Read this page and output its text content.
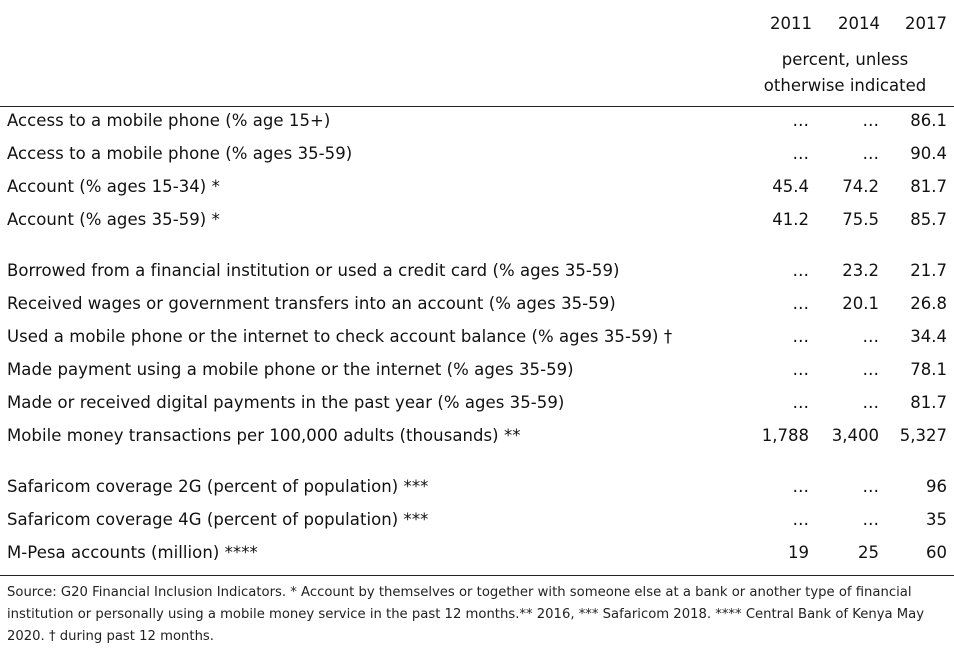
2011	2014	2017
percent, unless
otherwise indicated
Access to a mobile phone (% age 15+)	…	…	86.1
Access to a mobile phone (% ages 35-59)	…	…	90.4
Account (% ages 15-34) *	45.4	74.2	81.7
Account (% ages 35-59) *	41.2	75.5	85.7
Borrowed from a financial institution or used a credit card (% ages 35-59)	…	23.2	21.7
Received wages or government transfers into an account (% ages 35-59)	…	20.1	26.8
Used a mobile phone or the internet to check account balance (% ages 35-59) †	…	…	34.4
Made payment using a mobile phone or the internet (% ages 35-59)	…	…	78.1
Made or received digital payments in the past year (% ages 35-59)	…	…	81.7
Mobile money transactions per 100,000 adults (thousands) **	1,788	3,400	5,327
Safaricom coverage 2G (percent of population) ***	…	…	96
Safaricom coverage 4G (percent of population) ***	…	…	35
M-Pesa accounts (million) ****	19	25	60
Source: G20 Financial Inclusion Indicators. * Account by themselves or together with someone else at a bank or another type of financial institution or personally using a mobile money service in the past 12 months.** 2016, *** Safaricom 2018. **** Central Bank of Kenya May 2020. † during past 12 months.
